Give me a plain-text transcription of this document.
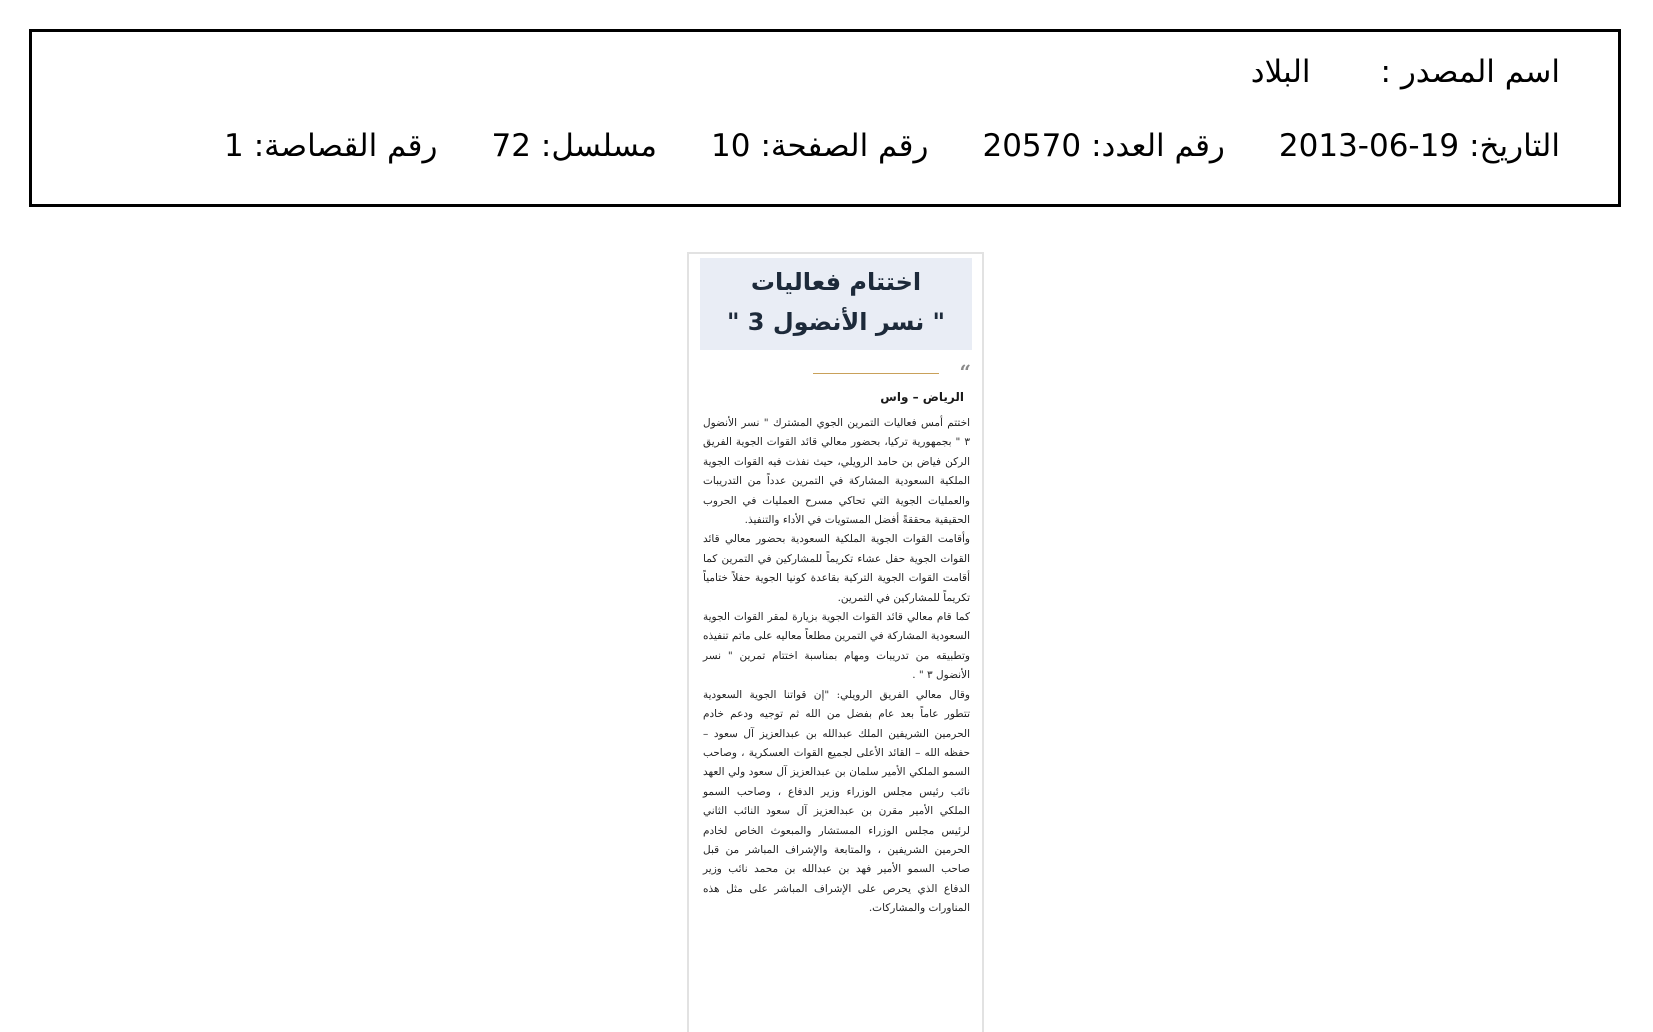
اسم المصدر :
البلاد
التاريخ:
2013-06-19
رقم العدد:
20570
رقم الصفحة:
10
مسلسل:
72
رقم القصاصة:
1
اختتام فعاليات
" نسر الأنضول 3 "
“
الرياض – واس

اختتم أمس فعاليات التمرين الجوي المشترك " نسر الأنضول ٣ " بجمهورية تركيا، بحضور معالي قائد القوات الجوية الفريق الركن فياض بن حامد الرويلي، حيث نفذت فيه القوات الجوية الملكية السعودية المشاركة في التمرين عدداً من التدريبات والعمليات الجوية التي تحاكي مسرح العمليات في الحروب الحقيقية محققةً أفضل المستويات في الأداء والتنفيذ.

وأقامت القوات الجوية الملكية السعودية بحضور معالي قائد القوات الجوية حفل عشاء تكريماً للمشاركين في التمرين كما أقامت القوات الجوية التركية بقاعدة كونيا الجوية حفلاً ختامياً تكريماً للمشاركين في التمرين.

كما قام معالي قائد القوات الجوية بزيارة لمقر القوات الجوية السعودية المشاركة في التمرين مطلعاً معاليه على ماتم تنفيذه وتطبيقه من تدريبات ومهام بمناسبة اختتام تمرين " نسر الأنضول ٣ " .

وقال معالي الفريق الرويلي: "إن قواتنا الجوية السعودية تتطور عاماً بعد عام بفضل من الله ثم توجيه ودعم خادم الحرمين الشريفين الملك عبدالله بن عبدالعزيز آل سعود – حفظه الله – القائد الأعلى لجميع القوات العسكرية ، وصاحب السمو الملكي الأمير سلمان بن عبدالعزيز آل سعود ولي العهد نائب رئيس مجلس الوزراء وزير الدفاع ، وصاحب السمو الملكي الأمير مقرن بن عبدالعزيز آل سعود النائب الثاني لرئيس مجلس الوزراء المستشار والمبعوث الخاص لخادم الحرمين الشريفين ، والمتابعة والإشراف المباشر من قبل صاحب السمو الأمير فهد بن عبدالله بن محمد نائب وزير الدفاع الذي يحرص على الإشراف المباشر على مثل هذه المناورات والمشاركات.
